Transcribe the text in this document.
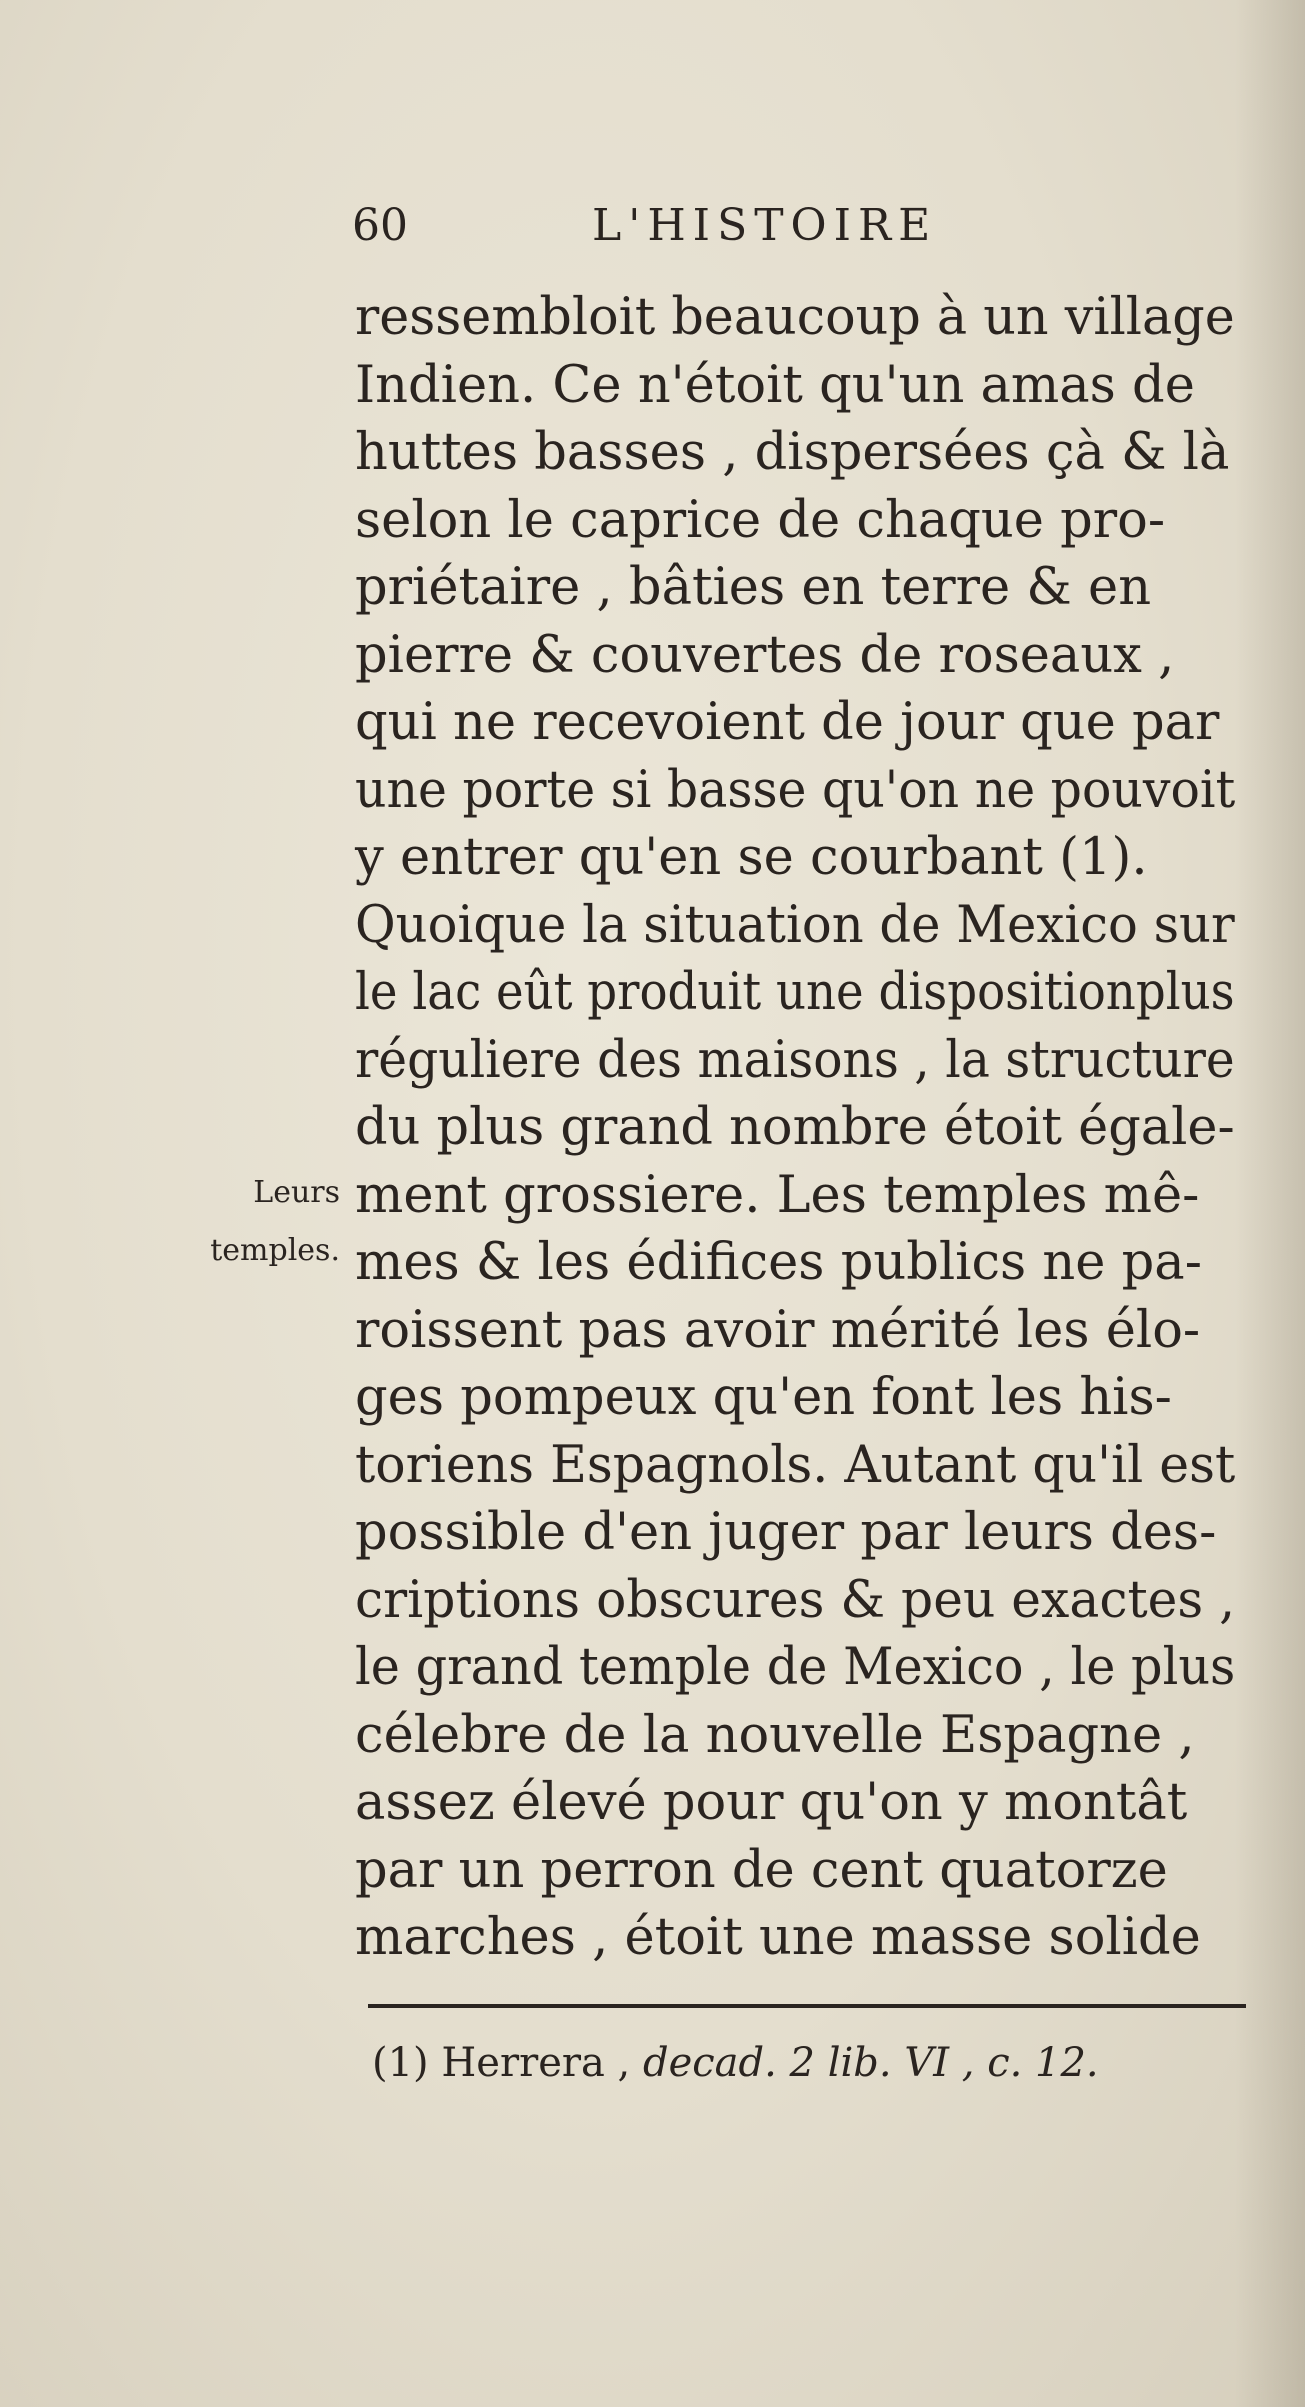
60	L'HISTOIRE
Leurs
temples.
ressembloit beaucoup à un village
Indien. Ce n'étoit qu'un amas de
huttes basses , dispersées çà & là
selon le caprice de chaque pro-
priétaire , bâties en terre & en
pierre & couvertes de roseaux ,
qui ne recevoient de jour que par
une porte si basse qu'on ne pouvoit
y entrer qu'en se courbant (1).
Quoique la situation de Mexico sur
le lac eût produit une dispositionplus
réguliere des maisons , la structure
du plus grand nombre étoit égale-
ment grossiere. Les temples mê-
mes & les édifices publics ne pa-
roissent pas avoir mérité les élo-
ges pompeux qu'en font les his-
toriens Espagnols. Autant qu'il est
possible d'en juger par leurs des-
criptions obscures & peu exactes ,
le grand temple de Mexico , le plus
célebre de la nouvelle Espagne ,
assez élevé pour qu'on y montât
par un perron de cent quatorze
marches , étoit une masse solide
(1) Herrera , decad. 2 lib. VI , c. 12.
